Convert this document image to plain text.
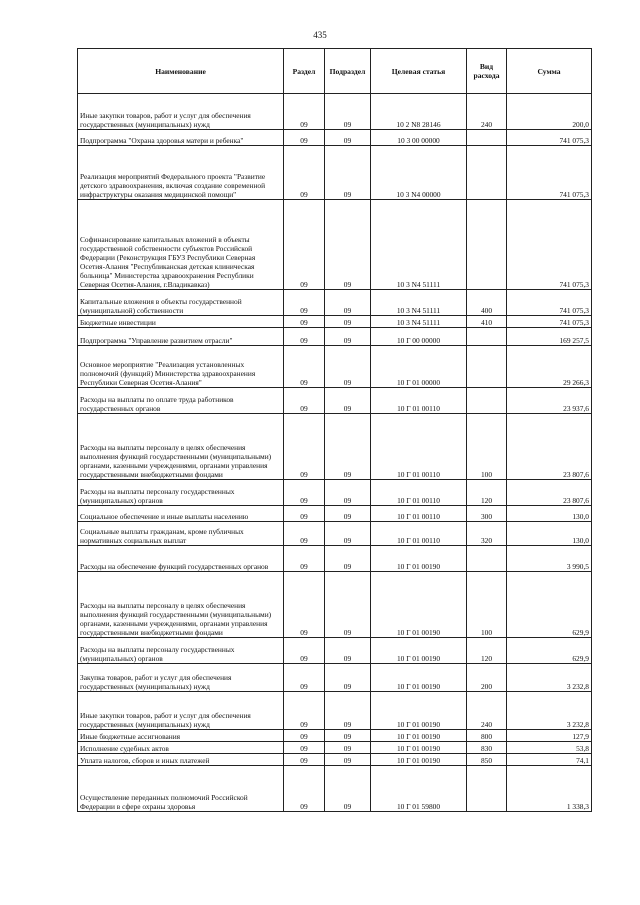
435
Наименование	Раздел	Подраздел	Целевая статья	Вид расхода	Сумма
Иные закупки товаров, работ и услуг для обеспечения государственных (муниципальных) нужд	09	09	10 2 N8 28146	240	200,0
Подпрограмма "Охрана здоровья матери и ребенка"	09	09	10 3 00 00000		741 075,3
Реализация мероприятий Федерального проекта "Развитие детского здравоохранения, включая создание современной инфраструктуры оказания медицинской помощи"	09	09	10 3 N4 00000		741 075,3
Софинансирование капитальных вложений в объекты государственной собственности субъектов Российской Федерации (Реконструкция ГБУЗ Республики Северная Осетия-Алания "Республиканская детская клиническая больница" Министерства здравоохранения Республики Северная Осетия-Алания, г.Владикавказ)	09	09	10 3 N4 51111		741 075,3
Капитальные вложения в объекты государственной (муниципальной) собственности	09	09	10 3 N4 51111	400	741 075,3
Бюджетные инвестиции	09	09	10 3 N4 51111	410	741 075,3
Подпрограмма "Управление развитием отрасли"	09	09	10 Г 00 00000		169 257,5
Основное мероприятие "Реализация установленных полномочий (функций) Министерства здравоохранения Республики Северная Осетия-Алания"	09	09	10 Г 01 00000		29 266,3
Расходы на выплаты по оплате труда работников государственных органов	09	09	10 Г 01 00110		23 937,6
Расходы на выплаты персоналу в целях обеспечения выполнения функций государственными (муниципальными) органами, казенными учреждениями, органами управления государственными внебюджетными фондами	09	09	10 Г 01 00110	100	23 807,6
Расходы на выплаты персоналу государственных (муниципальных) органов	09	09	10 Г 01 00110	120	23 807,6
Социальное обеспечение и иные выплаты населению	09	09	10 Г 01 00110	300	130,0
Социальные выплаты гражданам, кроме публичных нормативных социальных выплат	09	09	10 Г 01 00110	320	130,0
Расходы на обеспечение функций государственных органов	09	09	10 Г 01 00190		3 990,5
Расходы на выплаты персоналу в целях обеспечения выполнения функций государственными (муниципальными) органами, казенными учреждениями, органами управления государственными внебюджетными фондами	09	09	10 Г 01 00190	100	629,9
Расходы на выплаты персоналу государственных (муниципальных) органов	09	09	10 Г 01 00190	120	629,9
Закупка товаров, работ и услуг для обеспечения государственных (муниципальных) нужд	09	09	10 Г 01 00190	200	3 232,8
Иные закупки товаров, работ и услуг для обеспечения государственных (муниципальных) нужд	09	09	10 Г 01 00190	240	3 232,8
Иные бюджетные ассигнования	09	09	10 Г 01 00190	800	127,9
Исполнение судебных актов	09	09	10 Г 01 00190	830	53,8
Уплата налогов, сборов и иных платежей	09	09	10 Г 01 00190	850	74,1
Осуществление переданных полномочий Российской Федерации в сфере охраны здоровья	09	09	10 Г 01 59800		1 338,3
